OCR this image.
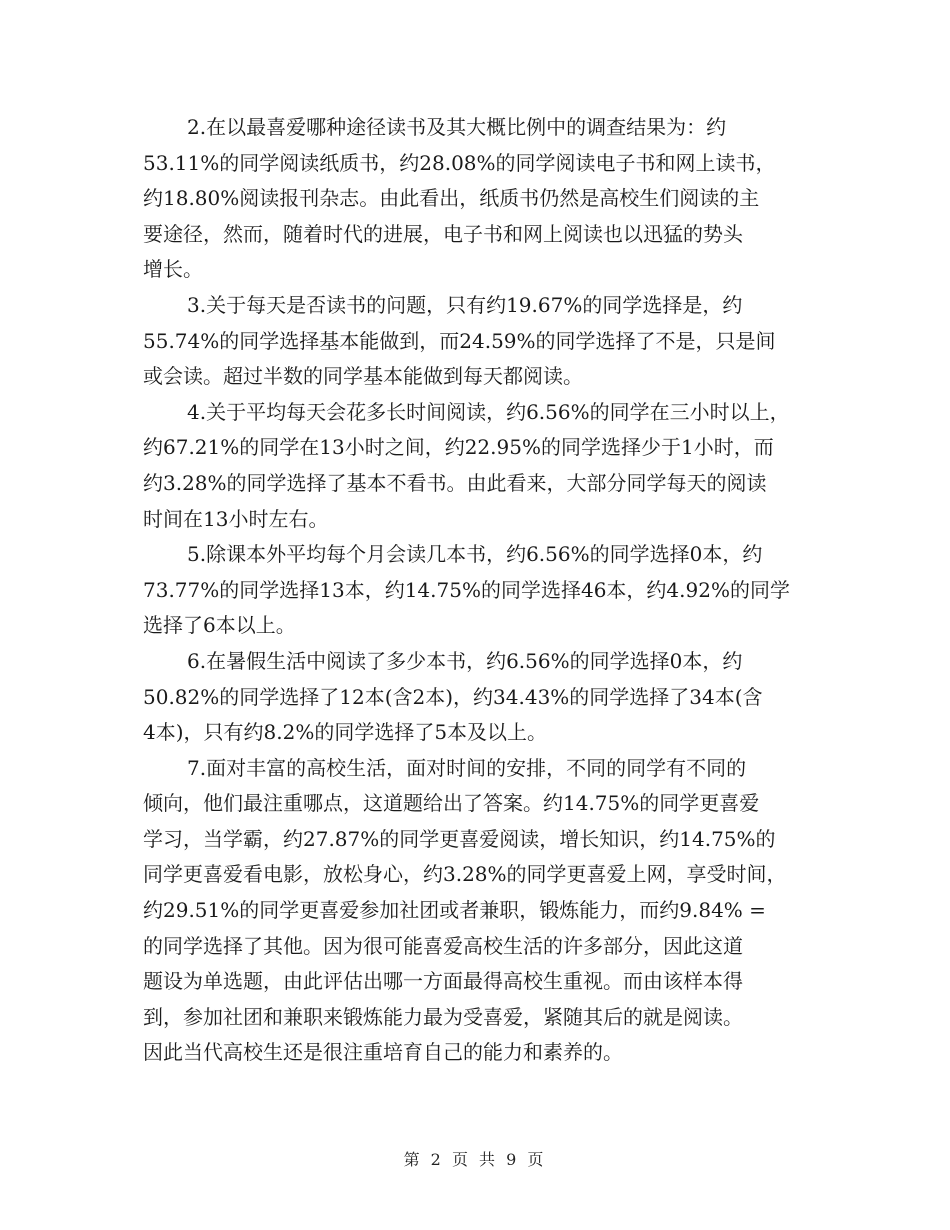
2.在以最喜爱哪种途径读书及其大概比例中的调查结果为：约
53.11%的同学阅读纸质书，约28.08%的同学阅读电子书和网上读书，
约18.80%阅读报刊杂志。由此看出，纸质书仍然是高校生们阅读的主
要途径，然而，随着时代的进展，电子书和网上阅读也以迅猛的势头
增长。

3.关于每天是否读书的问题，只有约19.67%的同学选择是，约
55.74%的同学选择基本能做到，而24.59%的同学选择了不是，只是间
或会读。超过半数的同学基本能做到每天都阅读。

4.关于平均每天会花多长时间阅读，约6.56%的同学在三小时以上，
约67.21%的同学在13小时之间，约22.95%的同学选择少于1小时，而
约3.28%的同学选择了基本不看书。由此看来，大部分同学每天的阅读
时间在13小时左右。

5.除课本外平均每个月会读几本书，约6.56%的同学选择0本，约
73.77%的同学选择13本，约14.75%的同学选择46本，约4.92%的同学
选择了6本以上。

6.在暑假生活中阅读了多少本书，约6.56%的同学选择0本，约
50.82%的同学选择了12本(含2本)，约34.43%的同学选择了34本(含
4本)，只有约8.2%的同学选择了5本及以上。

7.面对丰富的高校生活，面对时间的安排，不同的同学有不同的
倾向，他们最注重哪点，这道题给出了答案。约14.75%的同学更喜爱
学习，当学霸，约27.87%的同学更喜爱阅读，增长知识，约14.75%的
同学更喜爱看电影，放松身心，约3.28%的同学更喜爱上网，享受时间，
约29.51%的同学更喜爱参加社团或者兼职，锻炼能力，而约9.84% =
的同学选择了其他。因为很可能喜爱高校生活的许多部分，因此这道
题设为单选题，由此评估出哪一方面最得高校生重视。而由该样本得
到，参加社团和兼职来锻炼能力最为受喜爱，紧随其后的就是阅读。
因此当代高校生还是很注重培育自己的能力和素养的。

第 2 页 共 9 页
